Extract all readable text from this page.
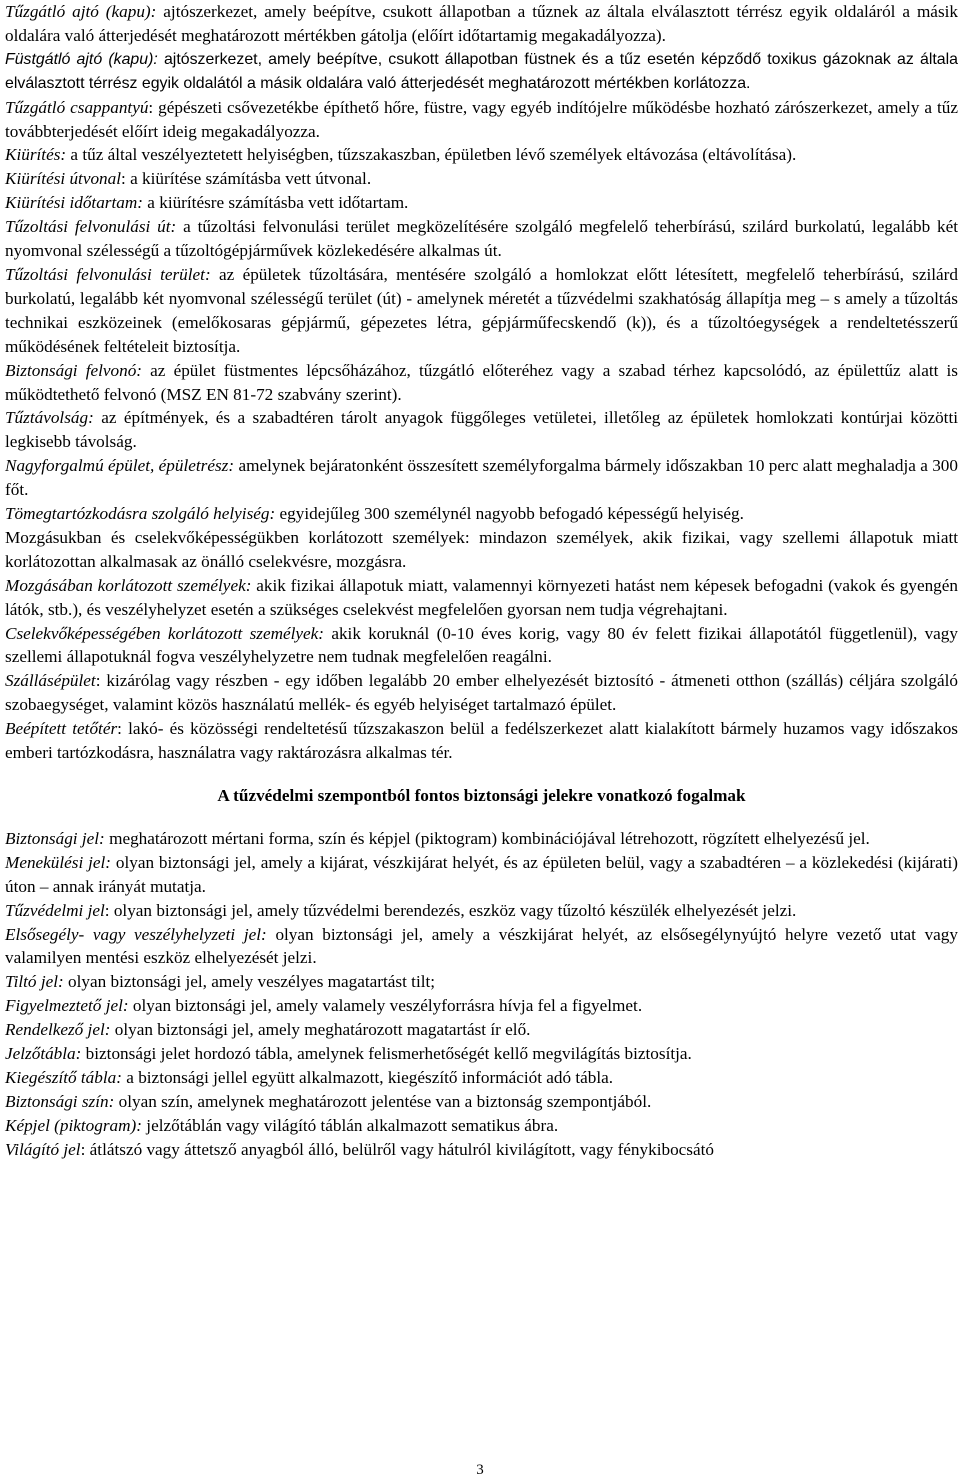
Tűzgátló ajtó (kapu): ajtószerkezet, amely beépítve, csukott állapotban a tűznek az általa elválasztott térrész egyik oldaláról a másik oldalára való átterjedését meghatározott mértékben gátolja (előírt időtartamig megakadályozza).

Füstgátló ajtó (kapu): ajtószerkezet, amely beépítve, csukott állapotban füstnek és a tűz esetén képződő toxikus gázoknak az általa elválasztott térrész egyik oldalától a másik oldalára való átterjedését meghatározott mértékben korlátozza.

Tűzgátló csappantyú: gépészeti csővezetékbe építhető hőre, füstre, vagy egyéb indítójelre működésbe hozható zárószerkezet, amely a tűz továbbterjedését előírt ideig megakadályozza.

Kiürítés: a tűz által veszélyeztetett helyiségben, tűzszakaszban, épületben lévő személyek eltávozása (eltávolítása).

Kiürítési útvonal: a kiürítése számításba vett útvonal.

Kiürítési időtartam: a kiürítésre számításba vett időtartam.

Tűzoltási felvonulási út: a tűzoltási felvonulási terület megközelítésére szolgáló megfelelő teherbírású, szilárd burkolatú, legalább két nyomvonal szélességű a tűzoltógépjárművek közlekedésére alkalmas út.

Tűzoltási felvonulási terület: az épületek tűzoltására, mentésére szolgáló a homlokzat előtt létesített, megfelelő teherbírású, szilárd burkolatú, legalább két nyomvonal szélességű terület (út) - amelynek méretét a tűzvédelmi szakhatóság állapítja meg – s amely a tűzoltás technikai eszközeinek (emelőkosaras gépjármű, gépezetes létra, gépjárműfecskendő (k)), és a tűzoltóegységek a rendeltetésszerű működésének feltételeit biztosítja.

Biztonsági felvonó: az épület füstmentes lépcsőházához, tűzgátló előteréhez vagy a szabad térhez kapcsolódó, az épülettűz alatt is működtethető felvonó (MSZ EN 81-72 szabvány szerint).

Tűztávolság: az építmények, és a szabadtéren tárolt anyagok függőleges vetületei, illetőleg az épületek homlokzati kontúrjai közötti legkisebb távolság.

Nagyforgalmú épület, épületrész: amelynek bejáratonként összesített személyforgalma bármely időszakban 10 perc alatt meghaladja a 300 főt.

Tömegtartózkodásra szolgáló helyiség: egyidejűleg 300 személynél nagyobb befogadó képességű helyiség.

Mozgásukban és cselekvőképességükben korlátozott személyek: mindazon személyek, akik fizikai, vagy szellemi állapotuk miatt korlátozottan alkalmasak az önálló cselekvésre, mozgásra.

Mozgásában korlátozott személyek: akik fizikai állapotuk miatt, valamennyi környezeti hatást nem képesek befogadni (vakok és gyengén látók, stb.), és veszélyhelyzet esetén a szükséges cselekvést megfelelően gyorsan nem tudja végrehajtani.

Cselekvőképességében korlátozott személyek: akik koruknál (0-10 éves korig, vagy 80 év felett fizikai állapotától függetlenül), vagy szellemi állapotuknál fogva veszélyhelyzetre nem tudnak megfelelően reagálni.

Szállásépület: kizárólag vagy részben - egy időben legalább 20 ember elhelyezését biztosító - átmeneti otthon (szállás) céljára szolgáló szobaegységet, valamint közös használatú mellék- és egyéb helyiséget tartalmazó épület.

Beépített tetőtér: lakó- és közösségi rendeltetésű tűzszakaszon belül a fedélszerkezet alatt kialakított bármely huzamos vagy időszakos emberi tartózkodásra, használatra vagy raktározásra alkalmas tér.

A tűzvédelmi szempontból fontos biztonsági jelekre vonatkozó fogalmak

Biztonsági jel: meghatározott mértani forma, szín és képjel (piktogram) kombinációjával létrehozott, rögzített elhelyezésű jel.

Menekülési jel: olyan biztonsági jel, amely a kijárat, vészkijárat helyét, és az épületen belül, vagy a szabadtéren – a közlekedési (kijárati) úton – annak irányát mutatja.

Tűzvédelmi jel: olyan biztonsági jel, amely tűzvédelmi berendezés, eszköz vagy tűzoltó készülék elhelyezését jelzi.

Elsősegély- vagy veszélyhelyzeti jel: olyan biztonsági jel, amely a vészkijárat helyét, az elsősegélynyújtó helyre vezető utat vagy valamilyen mentési eszköz elhelyezését jelzi.

Tiltó jel: olyan biztonsági jel, amely veszélyes magatartást tilt;

Figyelmeztető jel: olyan biztonsági jel, amely valamely veszélyforrásra hívja fel a figyelmet.

Rendelkező jel: olyan biztonsági jel, amely meghatározott magatartást ír elő.

Jelzőtábla: biztonsági jelet hordozó tábla, amelynek felismerhetőségét kellő megvilágítás biztosítja.

Kiegészítő tábla: a biztonsági jellel együtt alkalmazott, kiegészítő információt adó tábla.

Biztonsági szín: olyan szín, amelynek meghatározott jelentése van a biztonság szempontjából.

Képjel (piktogram): jelzőtáblán vagy világító táblán alkalmazott sematikus ábra.

Világító jel: átlátszó vagy áttetsző anyagból álló, belülről vagy hátulról kivilágított, vagy fénykibocsátó

3
